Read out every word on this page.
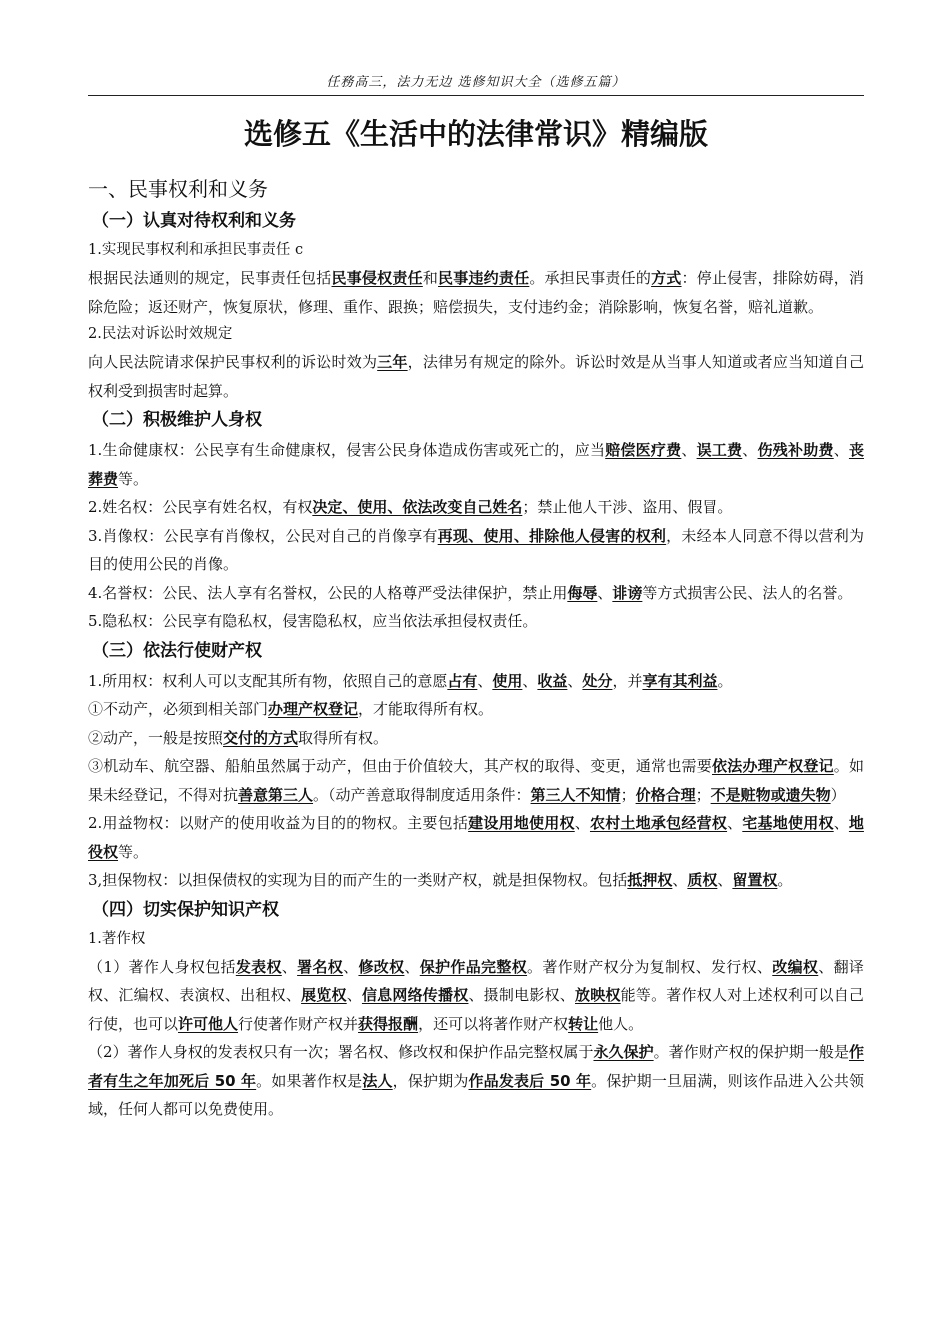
任務高三，法力无边 选修知识大全（选修五篇）
选修五《生活中的法律常识》精编版
一、民事权利和义务
（一）认真对待权利和义务
1.实现民事权利和承担民事责任 c
根据民法通则的规定，民事责任包括民事侵权责任和民事违约责任。承担民事责任的方式：停止侵害，排除妨碍，消除危险；返还财产，恢复原状，修理、重作、跟换；赔偿损失，支付违约金；消除影响，恢复名誉，赔礼道歉。
2.民法对诉讼时效规定
向人民法院请求保护民事权利的诉讼时效为三年，法律另有规定的除外。诉讼时效是从当事人知道或者应当知道自己权利受到损害时起算。
（二）积极维护人身权
1.生命健康权：公民享有生命健康权，侵害公民身体造成伤害或死亡的，应当赔偿医疗费、误工费、伤残补助费、丧葬费等。
2.姓名权：公民享有姓名权，有权决定、使用、依法改变自己姓名；禁止他人干涉、盗用、假冒。
3.肖像权：公民享有肖像权，公民对自己的肖像享有再现、使用、排除他人侵害的权利，未经本人同意不得以营利为目的使用公民的肖像。
4.名誉权：公民、法人享有名誉权，公民的人格尊严受法律保护，禁止用侮辱、诽谤等方式损害公民、法人的名誉。
5.隐私权：公民享有隐私权，侵害隐私权，应当依法承担侵权责任。
（三）依法行使财产权
1.所用权：权利人可以支配其所有物，依照自己的意愿占有、使用、收益、处分，并享有其利益。
①不动产，必须到相关部门办理产权登记，才能取得所有权。
②动产，一般是按照交付的方式取得所有权。
③机动车、航空器、船舶虽然属于动产，但由于价值较大，其产权的取得、变更，通常也需要依法办理产权登记。如果未经登记，不得对抗善意第三人。（动产善意取得制度适用条件：第三人不知情；价格合理；不是赃物或遗失物）
2.用益物权：以财产的使用收益为目的的物权。主要包括建设用地使用权、农村土地承包经营权、宅基地使用权、地役权等。
3,担保物权：以担保债权的实现为目的而产生的一类财产权，就是担保物权。包括抵押权、质权、留置权。
（四）切实保护知识产权
1.著作权
（1）著作人身权包括发表权、署名权、修改权、保护作品完整权。著作财产权分为复制权、发行权、改编权、翻译权、汇编权、表演权、出租权、展览权、信息网络传播权、摄制电影权、放映权能等。著作权人对上述权利可以自己行使，也可以许可他人行使著作财产权并获得报酬，还可以将著作财产权转让他人。
（2）著作人身权的发表权只有一次；署名权、修改权和保护作品完整权属于永久保护。著作财产权的保护期一般是作者有生之年加死后 50 年。如果著作权是法人，保护期为作品发表后 50 年。保护期一旦届满，则该作品进入公共领域，任何人都可以免费使用。
